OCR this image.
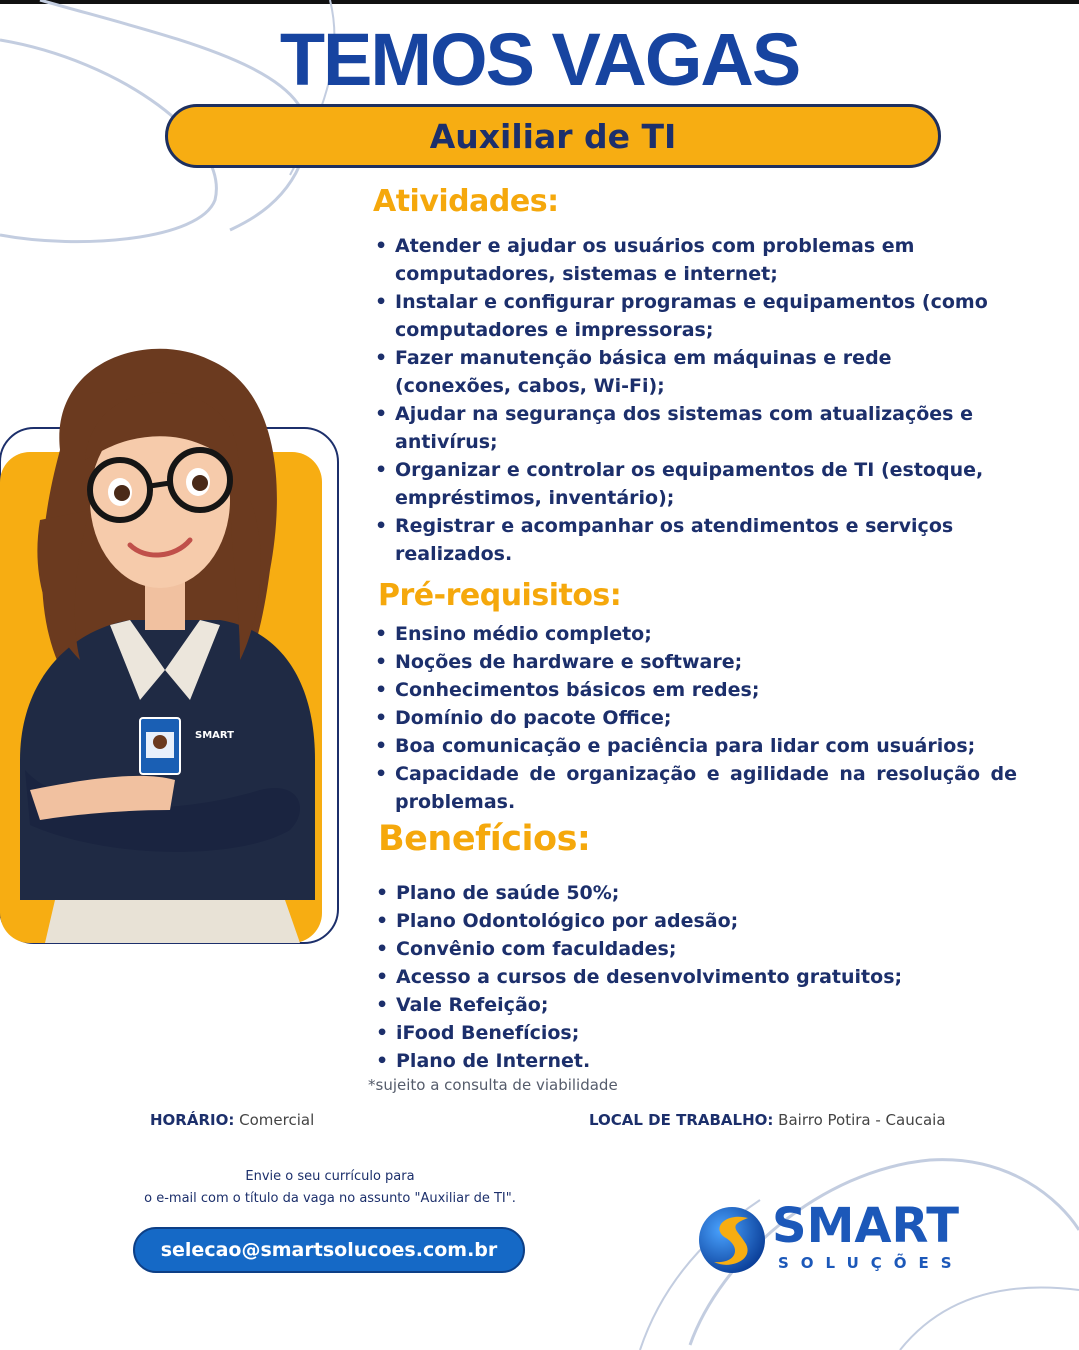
TEMOS VAGAS
Auxiliar de TI
SMART
Atividades:
• Atender e ajudar os usuários com problemas em computadores, sistemas e internet;
• Instalar e configurar programas e equipamentos (como computadores e impressoras;
• Fazer manutenção básica em máquinas e rede (conexões, cabos, Wi-Fi);
• Ajudar na segurança dos sistemas com atualizações e antivírus;
• Organizar e controlar os equipamentos de TI (estoque, empréstimos, inventário);
• Registrar e acompanhar os atendimentos e serviços realizados.
Pré-requisitos:
• Ensino médio completo;
• Noções de hardware e software;
• Conhecimentos básicos em redes;
• Domínio do pacote Office;
• Boa comunicação e paciência para lidar com usuários;
• Capacidade de organização e agilidade na resolução de problemas.
Benefícios:
• Plano de saúde 50%;
• Plano Odontológico por adesão;
• Convênio com faculdades;
• Acesso a cursos de desenvolvimento gratuitos;
• Vale Refeição;
• iFood Benefícios;
• Plano de Internet.
*sujeito a consulta de viabilidade
HORÁRIO: Comercial	LOCAL DE TRABALHO: Bairro Potira - Caucaia
Envie o seu currículo para
o e-mail com o título da vaga no assunto "Auxiliar de TI".
selecao@smartsolucoes.com.br	SMART
SOLUÇÕES
